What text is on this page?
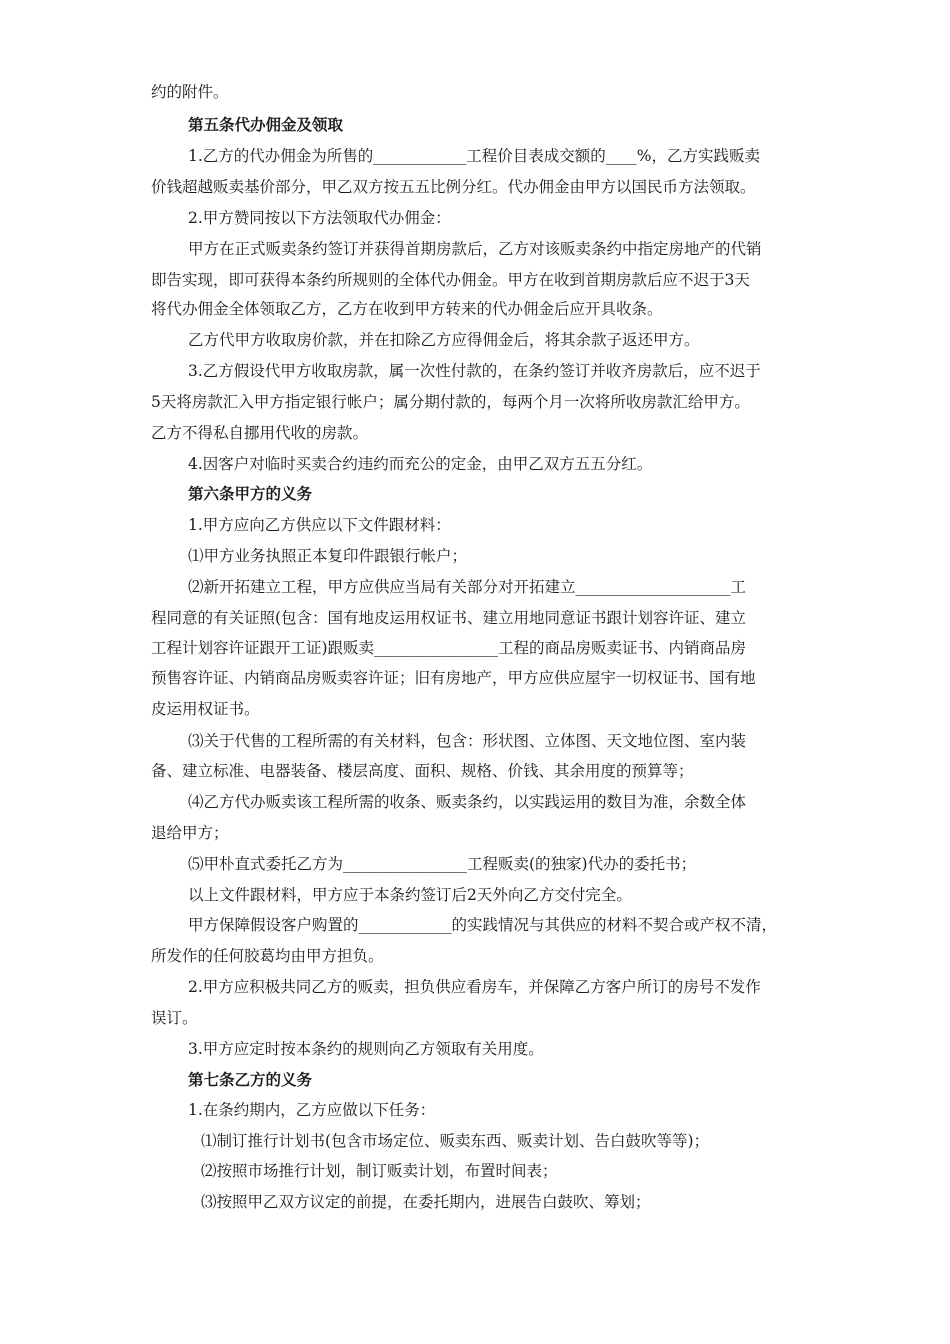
约的附件。
第五条代办佣金及领取
1.乙方的代办佣金为所售的____________工程价目表成交额的____%，乙方实践贩卖
价钱超越贩卖基价部分，甲乙双方按五五比例分红。代办佣金由甲方以国民币方法领取。
2.甲方赞同按以下方法领取代办佣金：
甲方在正式贩卖条约签订并获得首期房款后，乙方对该贩卖条约中指定房地产的代销
即告实现，即可获得本条约所规则的全体代办佣金。甲方在收到首期房款后应不迟于3天
将代办佣金全体领取乙方，乙方在收到甲方转来的代办佣金后应开具收条。
乙方代甲方收取房价款，并在扣除乙方应得佣金后，将其余款子返还甲方。
3.乙方假设代甲方收取房款，属一次性付款的，在条约签订并收齐房款后，应不迟于
5天将房款汇入甲方指定银行帐户；属分期付款的，每两个月一次将所收房款汇给甲方。
乙方不得私自挪用代收的房款。
4.因客户对临时买卖合约违约而充公的定金，由甲乙双方五五分红。
第六条甲方的义务
1.甲方应向乙方供应以下文件跟材料：
⑴甲方业务执照正本复印件跟银行帐户；
⑵新开拓建立工程，甲方应供应当局有关部分对开拓建立____________________工
程同意的有关证照(包含：国有地皮运用权证书、建立用地同意证书跟计划容许证、建立
工程计划容许证跟开工证)跟贩卖________________工程的商品房贩卖证书、内销商品房
预售容许证、内销商品房贩卖容许证；旧有房地产，甲方应供应屋宇一切权证书、国有地
皮运用权证书。
⑶关于代售的工程所需的有关材料，包含：形状图、立体图、天文地位图、室内装
备、建立标准、电器装备、楼层高度、面积、规格、价钱、其余用度的预算等；
⑷乙方代办贩卖该工程所需的收条、贩卖条约，以实践运用的数目为准，余数全体
退给甲方；
⑸甲朴直式委托乙方为________________工程贩卖(的独家)代办的委托书；
以上文件跟材料，甲方应于本条约签订后2天外向乙方交付完全。
甲方保障假设客户购置的____________的实践情况与其供应的材料不契合或产权不清，
所发作的任何胶葛均由甲方担负。
2.甲方应积极共同乙方的贩卖，担负供应看房车，并保障乙方客户所订的房号不发作
误订。
3.甲方应定时按本条约的规则向乙方领取有关用度。
第七条乙方的义务
1.在条约期内，乙方应做以下任务：
⑴制订推行计划书(包含市场定位、贩卖东西、贩卖计划、告白鼓吹等等)；
⑵按照市场推行计划，制订贩卖计划，布置时间表；
⑶按照甲乙双方议定的前提，在委托期内，进展告白鼓吹、筹划；
